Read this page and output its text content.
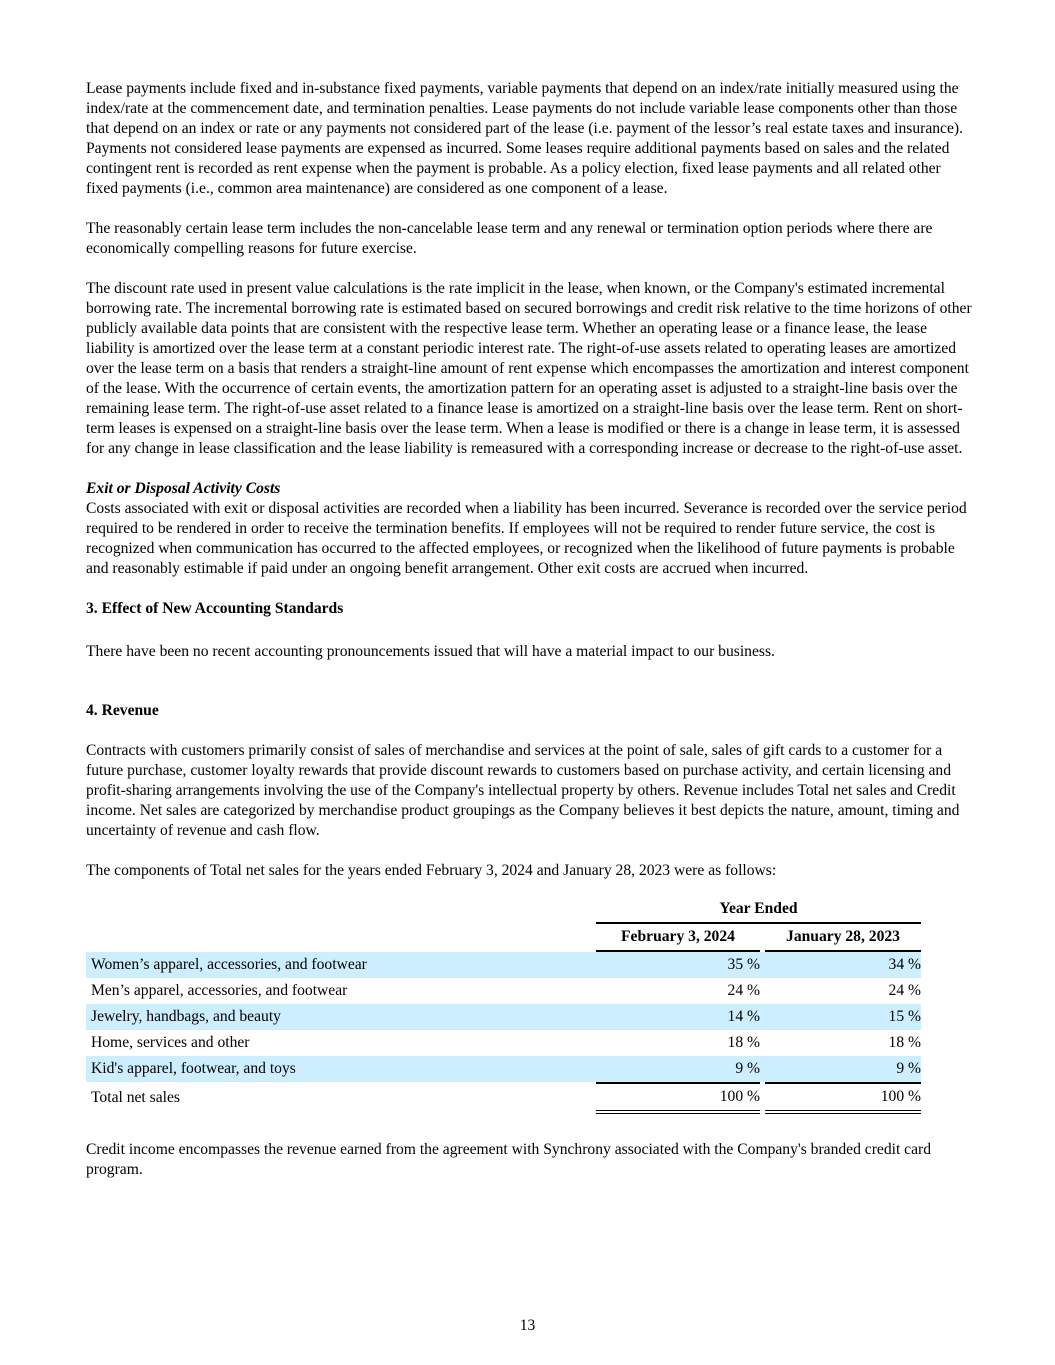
Lease payments include fixed and in-substance fixed payments, variable payments that depend on an index/rate initially measured using the index/rate at the commencement date, and termination penalties. Lease payments do not include variable lease components other than those that depend on an index or rate or any payments not considered part of the lease (i.e. payment of the lessor’s real estate taxes and insurance). Payments not considered lease payments are expensed as incurred. Some leases require additional payments based on sales and the related contingent rent is recorded as rent expense when the payment is probable. As a policy election, fixed lease payments and all related other fixed payments (i.e., common area maintenance) are considered as one component of a lease.

The reasonably certain lease term includes the non-cancelable lease term and any renewal or termination option periods where there are economically compelling reasons for future exercise.

The discount rate used in present value calculations is the rate implicit in the lease, when known, or the Company's estimated incremental borrowing rate. The incremental borrowing rate is estimated based on secured borrowings and credit risk relative to the time horizons of other publicly available data points that are consistent with the respective lease term. Whether an operating lease or a finance lease, the lease liability is amortized over the lease term at a constant periodic interest rate. The right-of-use assets related to operating leases are amortized over the lease term on a basis that renders a straight-line amount of rent expense which encompasses the amortization and interest component of the lease. With the occurrence of certain events, the amortization pattern for an operating asset is adjusted to a straight-line basis over the remaining lease term. The right-of-use asset related to a finance lease is amortized on a straight-line basis over the lease term. Rent on short-term leases is expensed on a straight-line basis over the lease term. When a lease is modified or there is a change in lease term, it is assessed for any change in lease classification and the lease liability is remeasured with a corresponding increase or decrease to the right-of-use asset.

Exit or Disposal Activity Costs

Costs associated with exit or disposal activities are recorded when a liability has been incurred. Severance is recorded over the service period required to be rendered in order to receive the termination benefits. If employees will not be required to render future service, the cost is recognized when communication has occurred to the affected employees, or recognized when the likelihood of future payments is probable and reasonably estimable if paid under an ongoing benefit arrangement. Other exit costs are accrued when incurred.

3. Effect of New Accounting Standards

There have been no recent accounting pronouncements issued that will have a material impact to our business.

4. Revenue

Contracts with customers primarily consist of sales of merchandise and services at the point of sale, sales of gift cards to a customer for a future purchase, customer loyalty rewards that provide discount rewards to customers based on purchase activity, and certain licensing and profit-sharing arrangements involving the use of the Company's intellectual property by others. Revenue includes Total net sales and Credit income. Net sales are categorized by merchandise product groupings as the Company believes it best depicts the nature, amount, timing and uncertainty of revenue and cash flow.

The components of Total net sales for the years ended February 3, 2024 and January 28, 2023 were as follows:

	Year Ended		
	February 3, 2024		January 28, 2023
Women’s apparel, accessories, and footwear	35 %		34 %
Men’s apparel, accessories, and footwear	24 %		24 %
Jewelry, handbags, and beauty	14 %		15 %
Home, services and other	18 %		18 %
Kid's apparel, footwear, and toys	9 %		9 %
Total net sales	100 %		100 %

Credit income encompasses the revenue earned from the agreement with Synchrony associated with the Company's branded credit card program.

13
